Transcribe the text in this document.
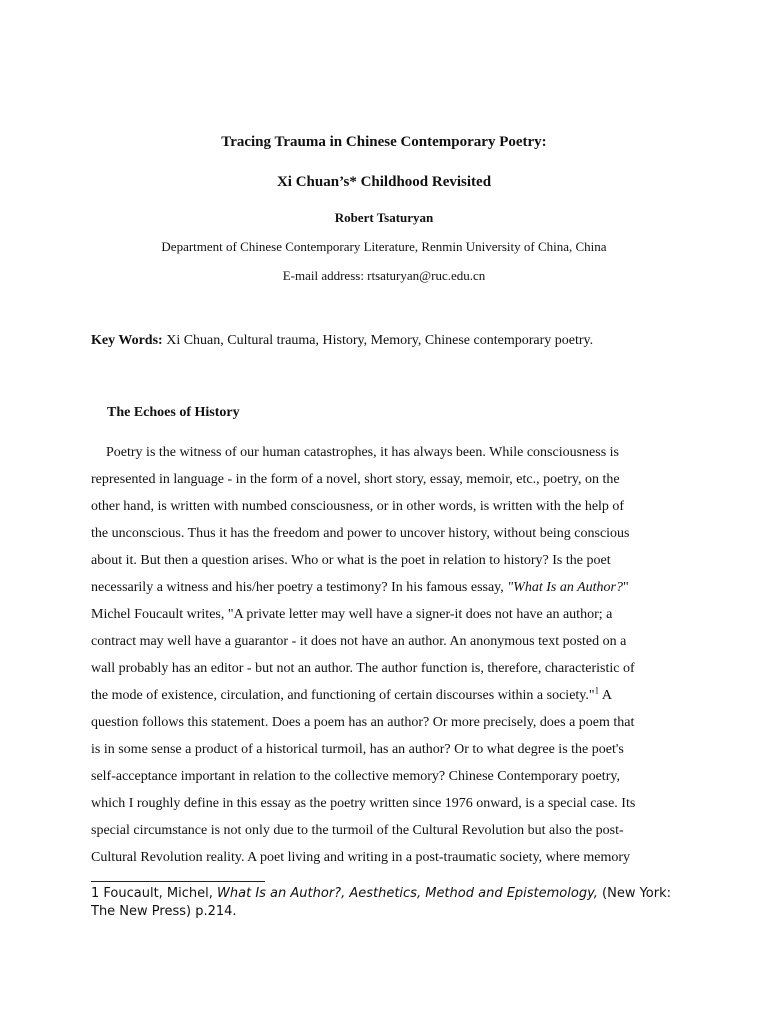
Tracing Trauma in Chinese Contemporary Poetry:
Xi Chuan’s* Childhood Revisited
Robert Tsaturyan
Department of Chinese Contemporary Literature, Renmin University of China, China
E-mail address: rtsaturyan@ruc.edu.cn
Key Words: Xi Chuan, Cultural trauma, History, Memory, Chinese contemporary poetry.
The Echoes of History
Poetry is the witness of our human catastrophes, it has always been. While consciousness is
represented in language - in the form of a novel, short story, essay, memoir, etc., poetry, on the
other hand, is written with numbed consciousness, or in other words, is written with the help of
the unconscious. Thus it has the freedom and power to uncover history, without being conscious
about it. But then a question arises. Who or what is the poet in relation to history? Is the poet
necessarily a witness and his/her poetry a testimony? In his famous essay, "What Is an Author?"
Michel Foucault writes, "A private letter may well have a signer-it does not have an author; a
contract may well have a guarantor - it does not have an author. An anonymous text posted on a
wall probably has an editor - but not an author. The author function is, therefore, characteristic of
the mode of existence, circulation, and functioning of certain discourses within a society."$^1$ A
question follows this statement. Does a poem has an author? Or more precisely, does a poem that
is in some sense a product of a historical turmoil, has an author? Or to what degree is the poet's
self-acceptance important in relation to the collective memory? Chinese Contemporary poetry,
which I roughly define in this essay as the poetry written since 1976 onward, is a special case. Its
special circumstance is not only due to the turmoil of the Cultural Revolution but also the post-
Cultural Revolution reality. A poet living and writing in a post-traumatic society, where memory
1 Foucault, Michel, What Is an Author?, Aesthetics, Method and Epistemology, (New York: The New Press) p.214.
